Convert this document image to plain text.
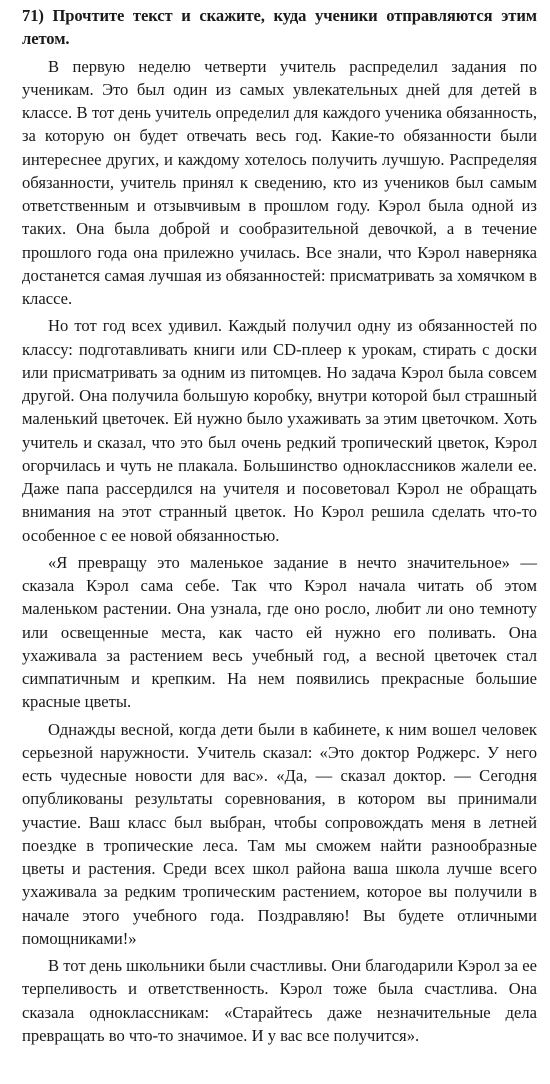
71) Прочтите текст и скажите, куда ученики отправляются этим летом.

В первую неделю четверти учитель распределил задания по ученикам. Это был один из самых увлекательных дней для детей в классе. В тот день учитель определил для каждого ученика обязанность, за которую он будет отвечать весь год. Какие-то обязанности были интереснее других, и каждому хотелось получить лучшую. Распределяя обязанности, учитель принял к сведению, кто из учеников был самым ответственным и отзывчивым в прошлом году. Кэрол была одной из таких. Она была доброй и сообразительной девочкой, а в течение прошлого года она прилежно училась. Все знали, что Кэрол наверняка достанется самая лучшая из обязанностей: присматривать за хомячком в классе.

Но тот год всех удивил. Каждый получил одну из обязанностей по классу: подготавливать книги или CD-плеер к урокам, стирать с доски или присматривать за одним из питомцев. Но задача Кэрол была совсем другой. Она получила большую коробку, внутри которой был страшный маленький цветочек. Ей нужно было ухаживать за этим цветочком. Хоть учитель и сказал, что это был очень редкий тропический цветок, Кэрол огорчилась и чуть не плакала. Большинство одноклассников жалели ее. Даже папа рассердился на учителя и посоветовал Кэрол не обращать внимания на этот странный цветок. Но Кэрол решила сделать что-то особенное с ее новой обязанностью.

«Я превращу это маленькое задание в нечто значительное» — сказала Кэрол сама себе. Так что Кэрол начала читать об этом маленьком растении. Она узнала, где оно росло, любит ли оно темноту или освещенные места, как часто ей нужно его поливать. Она ухаживала за растением весь учебный год, а весной цветочек стал симпатичным и крепким. На нем появились прекрасные большие красные цветы.

Однажды весной, когда дети были в кабинете, к ним вошел человек серьезной наружности. Учитель сказал: «Это доктор Роджерс. У него есть чудесные новости для вас». «Да, — сказал доктор. — Сегодня опубликованы результаты соревнования, в котором вы принимали участие. Ваш класс был выбран, чтобы сопровождать меня в летней поездке в тропические леса. Там мы сможем найти разнообразные цветы и растения. Среди всех школ района ваша школа лучше всего ухаживала за редким тропическим растением, которое вы получили в начале этого учебного года. Поздравляю! Вы будете отличными помощниками!»

В тот день школьники были счастливы. Они благодарили Кэрол за ее терпеливость и ответственность. Кэрол тоже была счастлива. Она сказала одноклассникам: «Старайтесь даже незначительные дела превращать во что-то значимое. И у вас все получится».
